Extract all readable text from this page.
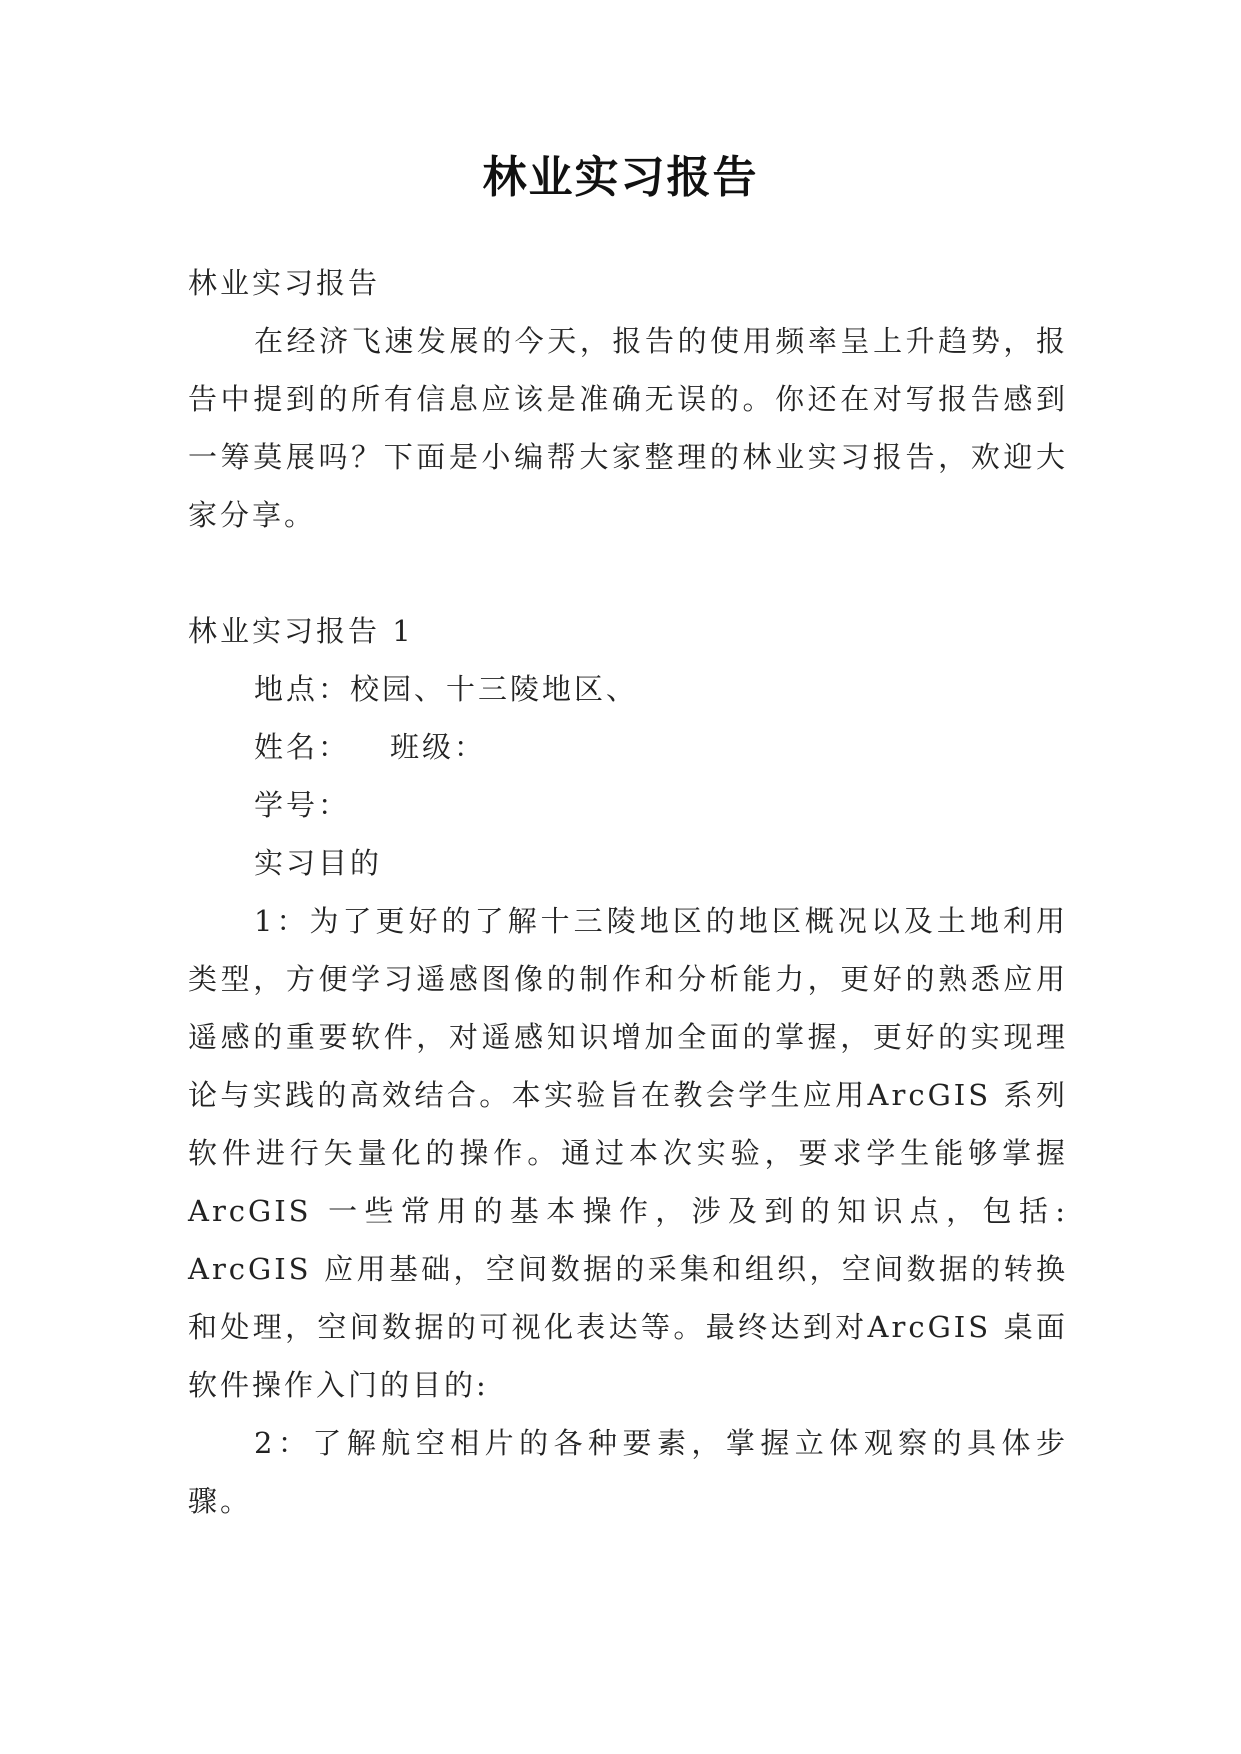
林业实习报告

林业实习报告

在经济飞速发展的今天，报告的使用频率呈上升趋势，报告中提到的所有信息应该是准确无误的。你还在对写报告感到一筹莫展吗？下面是小编帮大家整理的林业实习报告，欢迎大家分享。

林业实习报告 1

地点：校园、十三陵地区、

姓名： 班级：

学号：

实习目的

1：为了更好的了解十三陵地区的地区概况以及土地利用类型，方便学习遥感图像的制作和分析能力，更好的熟悉应用遥感的重要软件，对遥感知识增加全面的掌握，更好的实现理论与实践的高效结合。本实验旨在教会学生应用ArcGIS 系列软件进行矢量化的操作。通过本次实验，要求学生能够掌握 ArcGIS 一些常用的基本操作，涉及到的知识点，包括: ArcGIS 应用基础，空间数据的采集和组织，空间数据的转换和处理，空间数据的可视化表达等。最终达到对ArcGIS 桌面软件操作入门的目的:

2：了解航空相片的各种要素，掌握立体观察的具体步骤。
